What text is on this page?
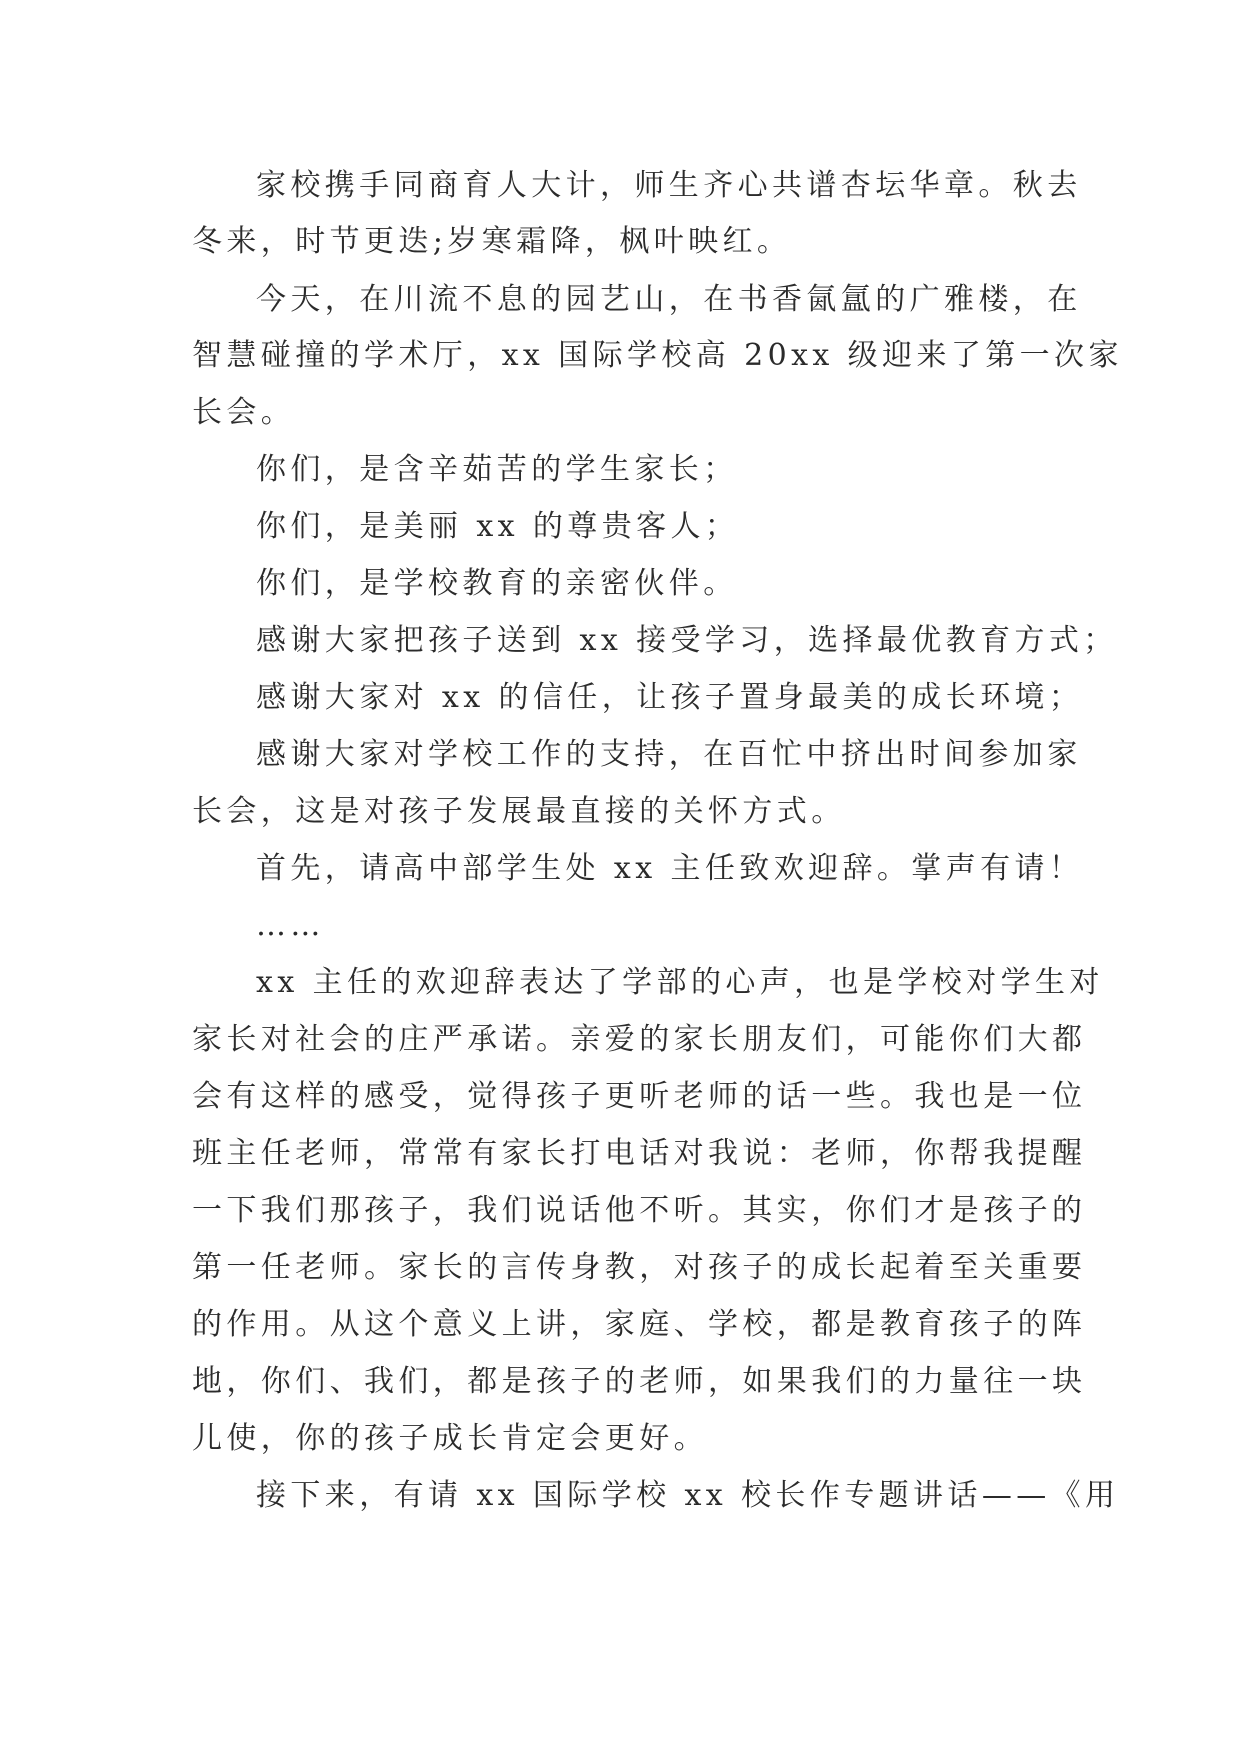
家校携手同商育人大计，师生齐心共谱杏坛华章。秋去
冬来，时节更迭;岁寒霜降，枫叶映红。
今天，在川流不息的园艺山，在书香氤氲的广雅楼，在
智慧碰撞的学术厅，xx 国际学校高 20xx 级迎来了第一次家
长会。
你们，是含辛茹苦的学生家长；
你们，是美丽 xx 的尊贵客人；
你们，是学校教育的亲密伙伴。
感谢大家把孩子送到 xx 接受学习，选择最优教育方式；
感谢大家对 xx 的信任，让孩子置身最美的成长环境；
感谢大家对学校工作的支持，在百忙中挤出时间参加家
长会，这是对孩子发展最直接的关怀方式。
首先，请高中部学生处 xx 主任致欢迎辞。掌声有请！
……
xx 主任的欢迎辞表达了学部的心声，也是学校对学生对
家长对社会的庄严承诺。亲爱的家长朋友们，可能你们大都
会有这样的感受，觉得孩子更听老师的话一些。我也是一位
班主任老师，常常有家长打电话对我说：老师，你帮我提醒
一下我们那孩子，我们说话他不听。其实，你们才是孩子的
第一任老师。家长的言传身教，对孩子的成长起着至关重要
的作用。从这个意义上讲，家庭、学校，都是教育孩子的阵
地，你们、我们，都是孩子的老师，如果我们的力量往一块
儿使，你的孩子成长肯定会更好。
接下来，有请 xx 国际学校 xx 校长作专题讲话——《用
